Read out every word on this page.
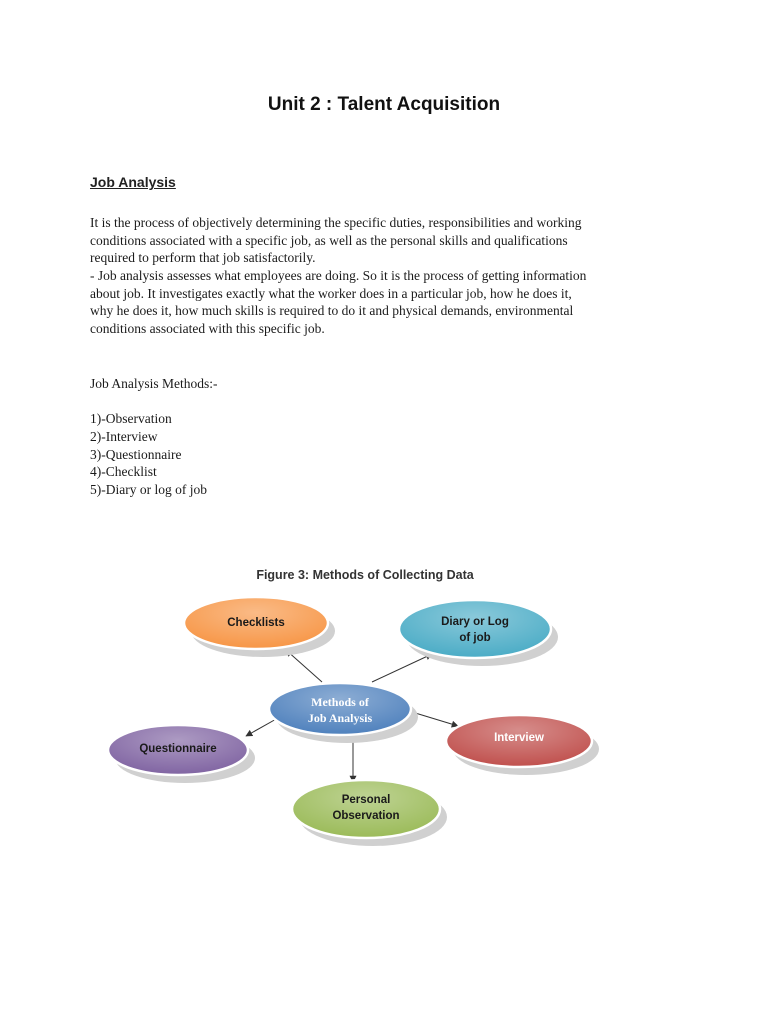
Unit 2 : Talent Acquisition
Job Analysis
It is the process of objectively determining the specific duties, responsibilities and working conditions associated with a specific job, as well as the personal skills and qualifications required to perform that job satisfactorily.
- Job analysis assesses what employees are doing. So it is the process of getting information about job. It investigates exactly what the worker does in a particular job, how he does it, why he does it, how much skills is required to do it and physical demands, environmental conditions associated with this specific job.
Job Analysis Methods:-
1)-Observation
2)-Interview
3)-Questionnaire
4)-Checklist
5)-Diary or log of job
Figure 3: Methods of Collecting Data
Checklists	Diary or Log
of job
Methods of
Job Analysis
Interview
Questionnaire
Personal
Observation
